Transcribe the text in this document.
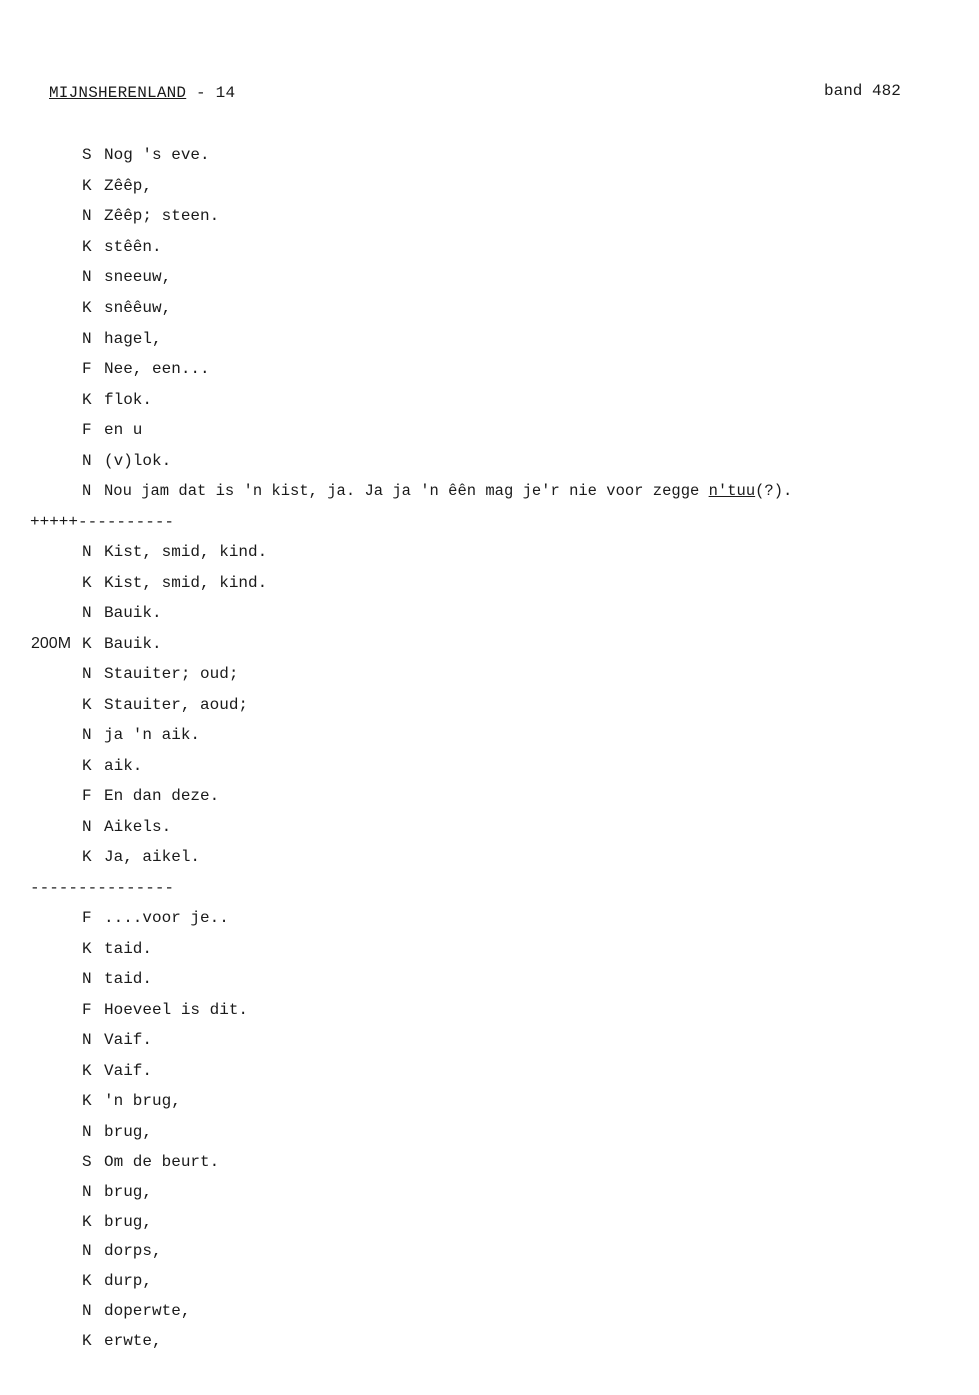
MIJNSHERENLAND - 14	band 482
S Nog 's eve.
K Zêêp,
N Zêêp; steen.
K stêên.
N sneeuw,
K snêêuw,
N hagel,
F Nee, een...
K flok.
F en u
N (v)lok.
N Nou jam dat is 'n kist, ja. Ja ja 'n êên mag je'r nie voor zegge n'tuu(?).
+++++----------
N Kist, smid, kind.
K Kist, smid, kind.
N Bauik.
200M K Bauik.
N Stauiter; oud;
K Stauiter, aoud;
N ja 'n aik.
K aik.
F En dan deze.
N Aikels.
K Ja, aikel.
---------------
F ....voor je..
K taid.
N taid.
F Hoeveel is dit.
N Vaif.
K Vaif.
K 'n brug,
N brug,
S Om de beurt.
N brug,
K brug,
N dorps,
K durp,
N doperwte,
K erwte,
